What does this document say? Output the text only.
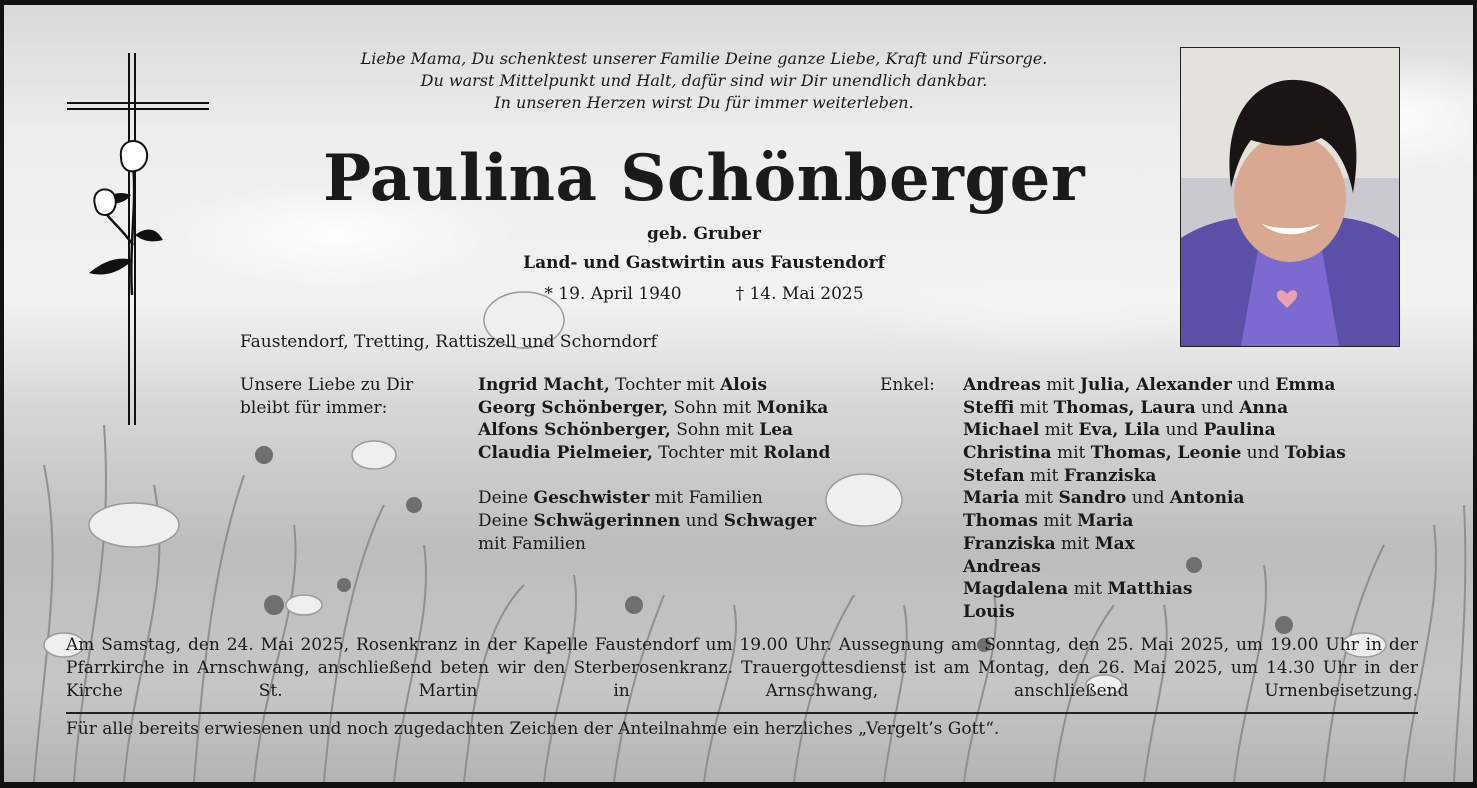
Liebe Mama, Du schenktest unserer Familie Deine ganze Liebe, Kraft und Fürsorge.
Du warst Mittelpunkt und Halt, dafür sind wir Dir unendlich dankbar.
In unseren Herzen wirst Du für immer weiterleben.
Paulina Schönberger
geb. Gruber
Land- und Gastwirtin aus Faustendorf
* 19. April 1940	† 14. Mai 2025
Faustendorf, Tretting, Rattiszell und Schorndorf
Unsere Liebe zu Dir
bleibt für immer:
Ingrid Macht, Tochter mit Alois
Georg Schönberger, Sohn mit Monika
Alfons Schönberger, Sohn mit Lea
Claudia Pielmeier, Tochter mit Roland
Deine Geschwister mit Familien
Deine Schwägerinnen und Schwager
mit Familien
Enkel: Andreas mit Julia, Alexander und Emma
Steffi mit Thomas, Laura und Anna
Michael mit Eva, Lila und Paulina
Christina mit Thomas, Leonie und Tobias
Stefan mit Franziska
Maria mit Sandro und Antonia
Thomas mit Maria
Franziska mit Max
Andreas
Magdalena mit Matthias
Louis
Am Samstag, den 24. Mai 2025, Rosenkranz in der Kapelle Faustendorf um 19.00 Uhr. Aussegnung am Sonntag, den 25. Mai 2025, um 19.00 Uhr in der Pfarrkirche in Arnschwang, anschließend beten wir den Sterberosenkranz. Trauergottesdienst ist am Montag, den 26. Mai 2025, um 14.30 Uhr in der Kirche St. Martin in Arnschwang, anschließend Urnenbeisetzung.
Für alle bereits erwiesenen und noch zugedachten Zeichen der Anteilnahme ein herzliches „Vergelt’s Gott“.
